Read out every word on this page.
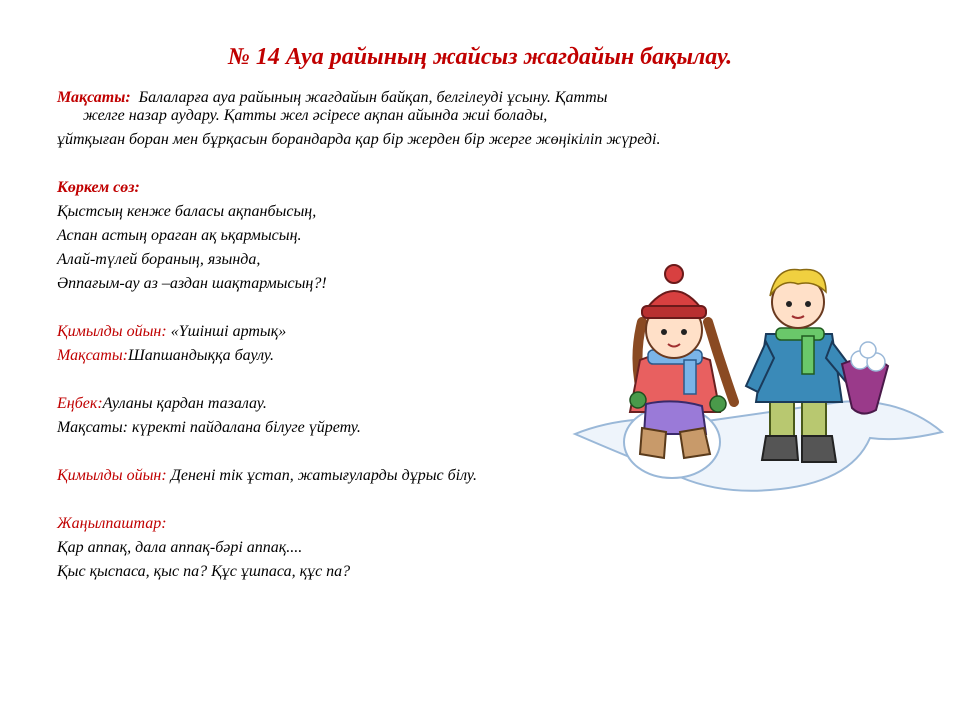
№ 14 Ауа райының жайсыз жагдайын бақылау.
Мақсаты: Балаларға ауа райының жагдайын байқап, белгілеуді ұсыну. Қатты
желге назар аудару. Қатты жел әсіресе ақпан айында жиі болады,
ұйтқыған боран мен бұрқасын борандарда қар бір жерден бір жерге жөңікіліп жүреді.
Көркем сөз:
Қыстсың кенже баласы ақпанбысың,
Аспан астың ораган ақ ьқармысың.
Алай-түлей бораның, язында,
Әппағым-ау аз –аздан шақтармысың?!
Қимылды ойын: «Үшінші артық»
Мақсаты:Шапшандыққа баулу.
Еңбек:Ауланы қардан тазалау.
Мақсаты: күректі пайдалана білуге үйрету.
Қимылды ойын: Денені тік ұстап, жатығуларды дұрыс білу.
Жаңылпаштар:
Қар аппақ, дала аппақ-бәрі аппақ....
Қыс қыспаса, қыс па? Құс ұшпаса, құс па?
